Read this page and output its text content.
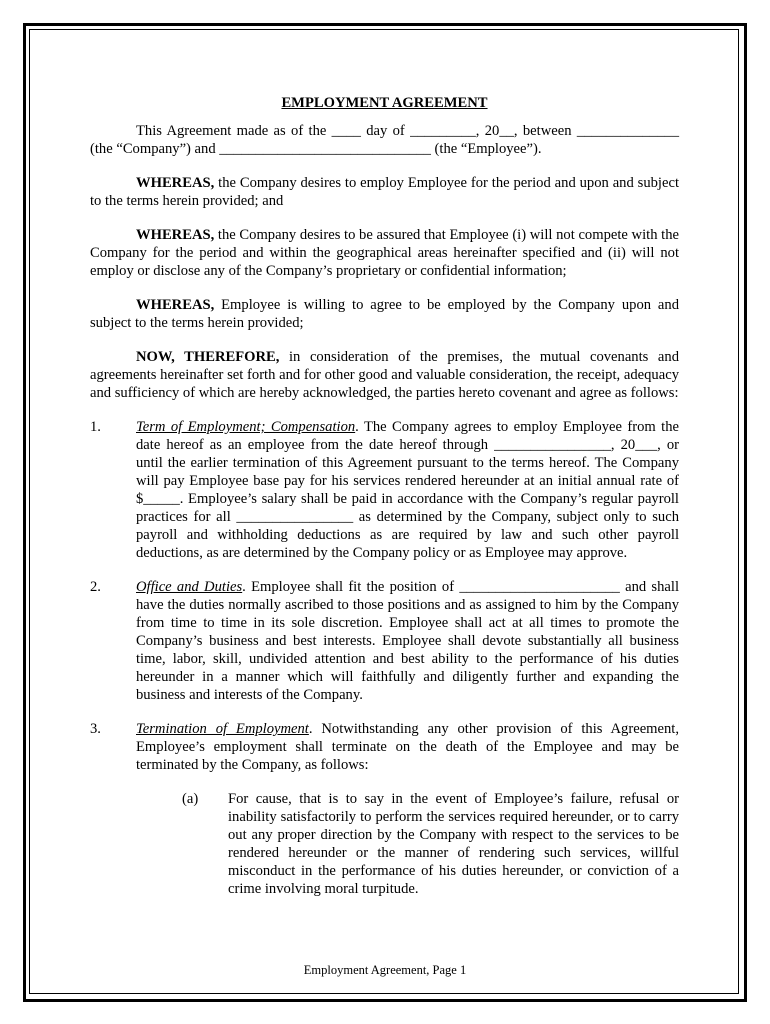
EMPLOYMENT AGREEMENT

This Agreement made as of the ____ day of _________, 20__, between ______________ (the “Company”) and _____________________________ (the “Employee”).

WHEREAS, the Company desires to employ Employee for the period and upon and subject to the terms herein provided; and

WHEREAS, the Company desires to be assured that Employee (i) will not compete with the Company for the period and within the geographical areas hereinafter specified and (ii) will not employ or disclose any of the Company’s proprietary or confidential information;

WHEREAS, Employee is willing to agree to be employed by the Company upon and subject to the terms herein provided;

NOW, THEREFORE, in consideration of the premises, the mutual covenants and agreements hereinafter set forth and for other good and valuable consideration, the receipt, adequacy and sufficiency of which are hereby acknowledged, the parties hereto covenant and agree as follows:

1. Term of Employment; Compensation. The Company agrees to employ Employee from the date hereof as an employee from the date hereof through ________________, 20___, or until the earlier termination of this Agreement pursuant to the terms hereof. The Company will pay Employee base pay for his services rendered hereunder at an initial annual rate of $_____. Employee’s salary shall be paid in accordance with the Company’s regular payroll practices for all ________________ as determined by the Company, subject only to such payroll and withholding deductions as are required by law and such other payroll deductions, as are determined by the Company policy or as Employee may approve.
2. Office and Duties. Employee shall fit the position of ______________________ and shall have the duties normally ascribed to those positions and as assigned to him by the Company from time to time in its sole discretion. Employee shall act at all times to promote the Company’s business and best interests. Employee shall devote substantially all business time, labor, skill, undivided attention and best ability to the performance of his duties hereunder in a manner which will faithfully and diligently further and expanding the business and interests of the Company.
3. Termination of Employment. Notwithstanding any other provision of this Agreement, Employee’s employment shall terminate on the death of the Employee and may be terminated by the Company, as follows:
(a) For cause, that is to say in the event of Employee’s failure, refusal or inability satisfactorily to perform the services required hereunder, or to carry out any proper direction by the Company with respect to the services to be rendered hereunder or the manner of rendering such services, willful misconduct in the performance of his duties hereunder, or conviction of a crime involving moral turpitude.
Employment Agreement, Page 1
